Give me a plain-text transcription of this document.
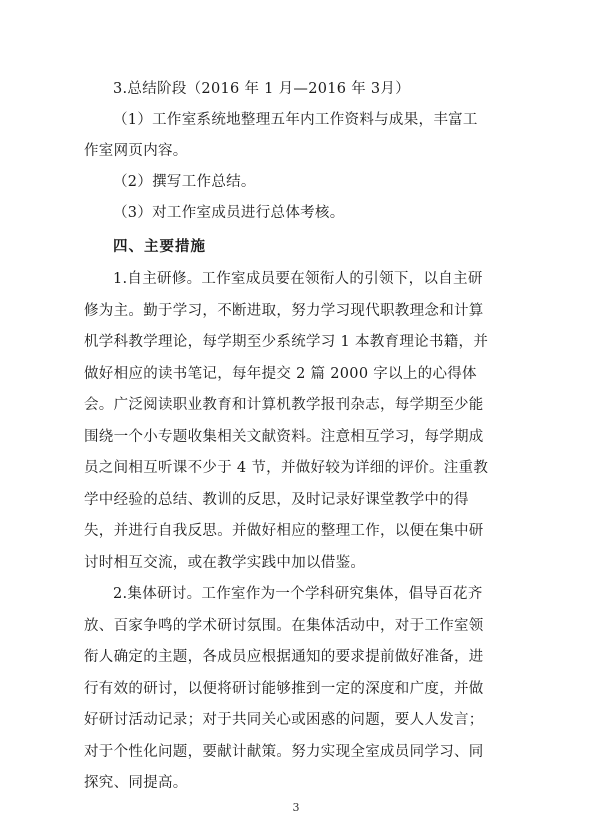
3.总结阶段（2016 年 1 月—2016 年 3月）

（1）工作室系统地整理五年内工作资料与成果，丰富工

作室网页内容。

（2）撰写工作总结。

（3）对工作室成员进行总体考核。

四、主要措施

1.自主研修。工作室成员要在领衔人的引领下，以自主研
修为主。勤于学习，不断进取，努力学习现代职教理念和计算
机学科教学理论，每学期至少系统学习 1 本教育理论书籍，并
做好相应的读书笔记，每年提交 2 篇 2000 字以上的心得体
会。广泛阅读职业教育和计算机教学报刊杂志，每学期至少能
围绕一个小专题收集相关文献资料。注意相互学习，每学期成
员之间相互听课不少于 4 节，并做好较为详细的评价。注重教
学中经验的总结、教训的反思，及时记录好课堂教学中的得
失，并进行自我反思。并做好相应的整理工作，以便在集中研
讨时相互交流，或在教学实践中加以借鉴。
2.集体研讨。工作室作为一个学科研究集体，倡导百花齐
放、百家争鸣的学术研讨氛围。在集体活动中，对于工作室领
衔人确定的主题，各成员应根据通知的要求提前做好准备，进
行有效的研讨，以便将研讨能够推到一定的深度和广度，并做
好研讨活动记录；对于共同关心或困惑的问题，要人人发言；
对于个性化问题，要献计献策。努力实现全室成员同学习、同
探究、同提高。
3
